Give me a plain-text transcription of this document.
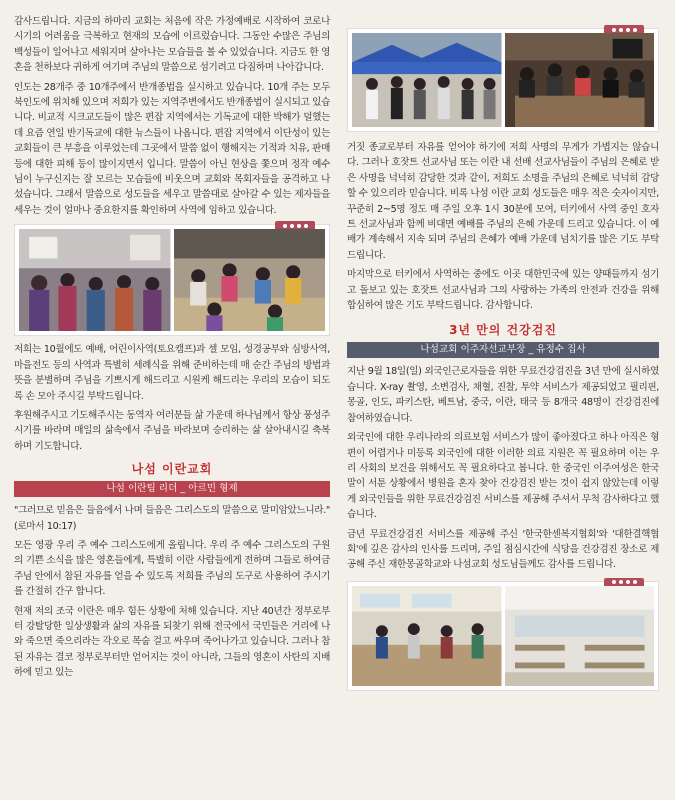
감사드립니다. 지금의 하마리 교회는 처음에 작은 가정예배로 시작하여 코로나시기의 어려움을 극복하고 현재의 모습에 이르렀습니다. 그동안 수많은 주님의 백성들이 일어나고 세워지며 살아나는 모습들을 볼 수 있었습니다. 지금도 한 영혼을 천하보다 귀하게 여기며 주님의 말씀으로 섬기려고 다짐하며 나아갑니다.

인도는 28개주 중 10개주에서 반개종법을 실시하고 있습니다. 10개 주는 모두 북인도에 위치해 있으며 저희가 있는 지역주변에서도 반개종법이 실시되고 있습니다. 비교적 시크교도들이 많은 편잡 지역에서는 기독교에 대한 박해가 덜했는데 요즘 연일 반기독교에 대한 뉴스들이 나옵니다. 편잡 지역에서 이단성이 있는 교회들이 큰 부흥을 이루었는데 그곳에서 말씀 없이 행해지는 기적과 치유, 판매 등에 대한 피해 등이 많이지면서 입니다. 말씀이 아닌 현상을 쫓으며 정작 예수님이 누구신지는 잘 모르는 모습들에 비웃으며 교회와 목회자들을 공격하고 나섰습니다. 그래서 말씀으로 성도들을 세우고 말씀대로 살아갈 수 있는 제자들을 세우는 것이 얼마나 중요한지를 확인하며 사역에 임하고 있습니다.

저희는 10월에도 예배, 어린이사역(토요캠프)과 셀 모임, 성경공부와 심방사역, 마을전도 등의 사역과 특별히 세례식을 위해 준비하는데 매 순간 주님의 방법과 뜻을 분별하며 주님을 기쁘시게 해드리고 시원케 해드리는 우리의 모습이 되도록 손 모아 주시길 부탁드립니다.

후원해주시고 기도해주시는 동역자 여러분들 삶 가운데 하나님께서 항상 풍성주시기를 바라며 매일의 삶속에서 주님을 바라보며 승리하는 삶 살아내시길 축복하며 기도합니다.

나섬 이란교회
나섬 이란팀 리더 _ 아르민 형제

"그러므로 믿음은 들음에서 나며 들음은 그리스도의 말씀으로 말미암았느니라."(로마서 10:17)

모든 영광 우리 주 예수 그리스도에게 올립니다. 우리 주 예수 그리스도의 구원의 기쁜 소식을 많은 영혼들에게, 특별히 이란 사람들에게 전하며 그들로 하여금 주님 안에서 참된 자유를 얻을 수 있도록 저희를 주님의 도구로 사용하여 주시기를 간절히 간구 합니다.

현재 저의 조국 이란은 매우 힘든 상황에 처해 있습니다. 지난 40년간 정부로부터 강탈당한 일상생활과 삶의 자유를 되찾기 위해 전국에서 국민들은 거리에 나와 죽으면 죽으리라는 각오로 목숨 걸고 싸우며 죽어나가고 있습니다. 그러나 참된 자유는 결코 정부로부터만 얻어지는 것이 아니라, 그들의 영혼이 사탄의 지배하에 믿고 있는

거짓 종교로부터 자유를 얻어야 하기에 저희 사명의 무게가 가볍지는 않습니다. 그러나 호잣트 선교사님 또는 이란 내 선배 선교사님들이 주님의 은혜로 받은 사명을 넉넉히 감당한 것과 같이, 저희도 소명을 주님의 은혜로 넉넉히 감당 할 수 있으리라 믿습니다. 비록 나섬 이란 교회 성도들은 매우 적은 숫자이지만, 꾸준히 2~5명 정도 매 주일 오후 1시 30분에 모여, 터키에서 사역 중인 호자트 선교사님과 함께 비대면 예배를 주님의 은혜 가운데 드리고 있습니다. 이 예배가 계속해서 지속 되며 주님의 은혜가 예배 가운데 넘치기를 많은 기도 부탁드립니다.

마지막으로 터키에서 사역하는 중에도 이곳 대한민국에 있는 양때들까지 섬기고 돌보고 있는 호잣트 선교사님과 그의 사랑하는 가족의 안전과 건강을 위해 합심하여 많은 기도 부탁드립니다. 감사합니다.

3년 만의 건강검진
나섬교회 이주자선교부장 _ 유정수 집사

지난 9월 18일(일) 외국인근로자들을 위한 무료건강검진을 3년 만에 실시하였습니다. X-ray 촬영, 소변검사, 채혈, 진찰, 투약 서비스가 제공되었고 필리핀, 몽골, 인도, 파키스탄, 베트남, 중국, 이란, 태국 등 8개국 48명이 건강검진에 참여하였습니다.

외국인에 대한 우리나라의 의료보험 서비스가 많이 좋아졌다고 하나 아직은 형편이 어렵거나 미등록 외국인에 대한 이러한 의료 지원은 꼭 필요하며 이는 우리 사회의 보건을 위해서도 꼭 필요하다고 봅니다. 한 중국인 이주여성은 한국말이 서툰 상황에서 병원을 혼자 찾아 건강검진 받는 것이 쉽지 않았는데 이렇게 외국인들을 위한 무료건강검진 서비스를 제공해 주셔서 무척 감사하다고 했습니다.

금년 무료건강검진 서비스를 제공해 주신 '한국한센복지협회'와 '대한결핵협회'에 깊은 감사의 인사를 드리며, 주일 점심시간에 식당을 건강검진 장소로 제공해 주신 재한몽골학교와 나섬교회 성도님들께도 감사를 드립니다.
